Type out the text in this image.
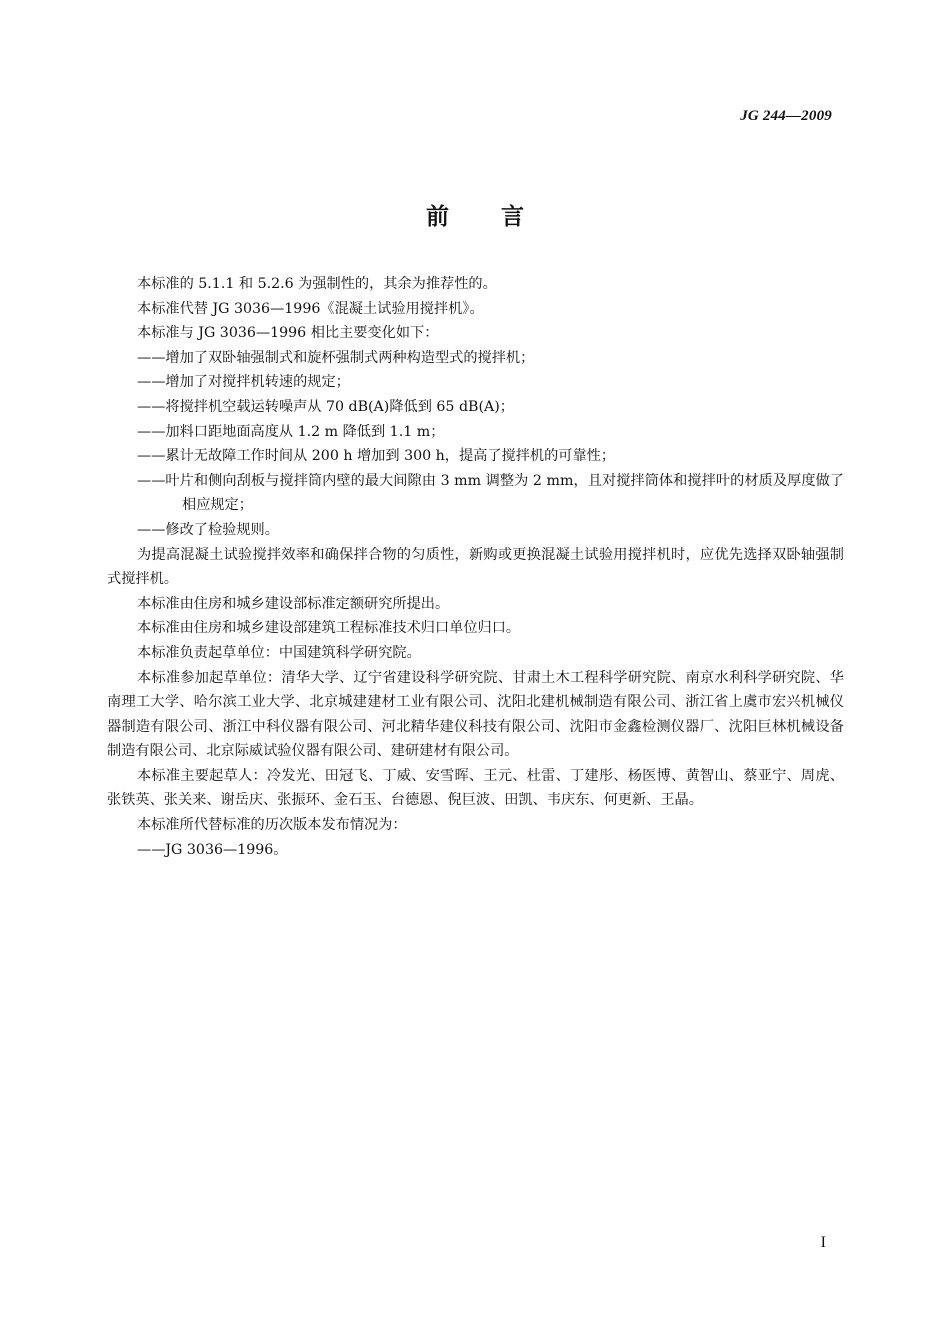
JG 244—2009
前言

本标准的 5.1.1 和 5.2.6 为强制性的，其余为推荐性的。

本标准代替 JG 3036—1996《混凝土试验用搅拌机》。

本标准与 JG 3036—1996 相比主要变化如下：

——增加了双卧轴强制式和旋杯强制式两种构造型式的搅拌机；

——增加了对搅拌机转速的规定；

——将搅拌机空载运转噪声从 70 dB(A)降低到 65 dB(A)；

——加料口距地面高度从 1.2 m 降低到 1.1 m；

——累计无故障工作时间从 200 h 增加到 300 h，提高了搅拌机的可靠性；

——叶片和侧向刮板与搅拌筒内壁的最大间隙由 3 mm 调整为 2 mm，且对搅拌筒体和搅拌叶的材质及厚度做了相应规定；

——修改了检验规则。

为提高混凝土试验搅拌效率和确保拌合物的匀质性，新购或更换混凝土试验用搅拌机时，应优先选择双卧轴强制式搅拌机。

本标准由住房和城乡建设部标准定额研究所提出。

本标准由住房和城乡建设部建筑工程标准技术归口单位归口。

本标准负责起草单位：中国建筑科学研究院。

本标准参加起草单位：清华大学、辽宁省建设科学研究院、甘肃土木工程科学研究院、南京水利科学研究院、华南理工大学、哈尔滨工业大学、北京城建建材工业有限公司、沈阳北建机械制造有限公司、浙江省上虞市宏兴机械仪器制造有限公司、浙江中科仪器有限公司、河北精华建仪科技有限公司、沈阳市金鑫检测仪器厂、沈阳巨林机械设备制造有限公司、北京际威试验仪器有限公司、建研建材有限公司。

本标准主要起草人：冷发光、田冠飞、丁威、安雪晖、王元、杜雷、丁建彤、杨医博、黄智山、蔡亚宁、周虎、张铁英、张关来、谢岳庆、张振环、金石玉、台德恩、倪巨波、田凯、韦庆东、何更新、王晶。

本标准所代替标准的历次版本发布情况为：

——JG 3036—1996。

I
